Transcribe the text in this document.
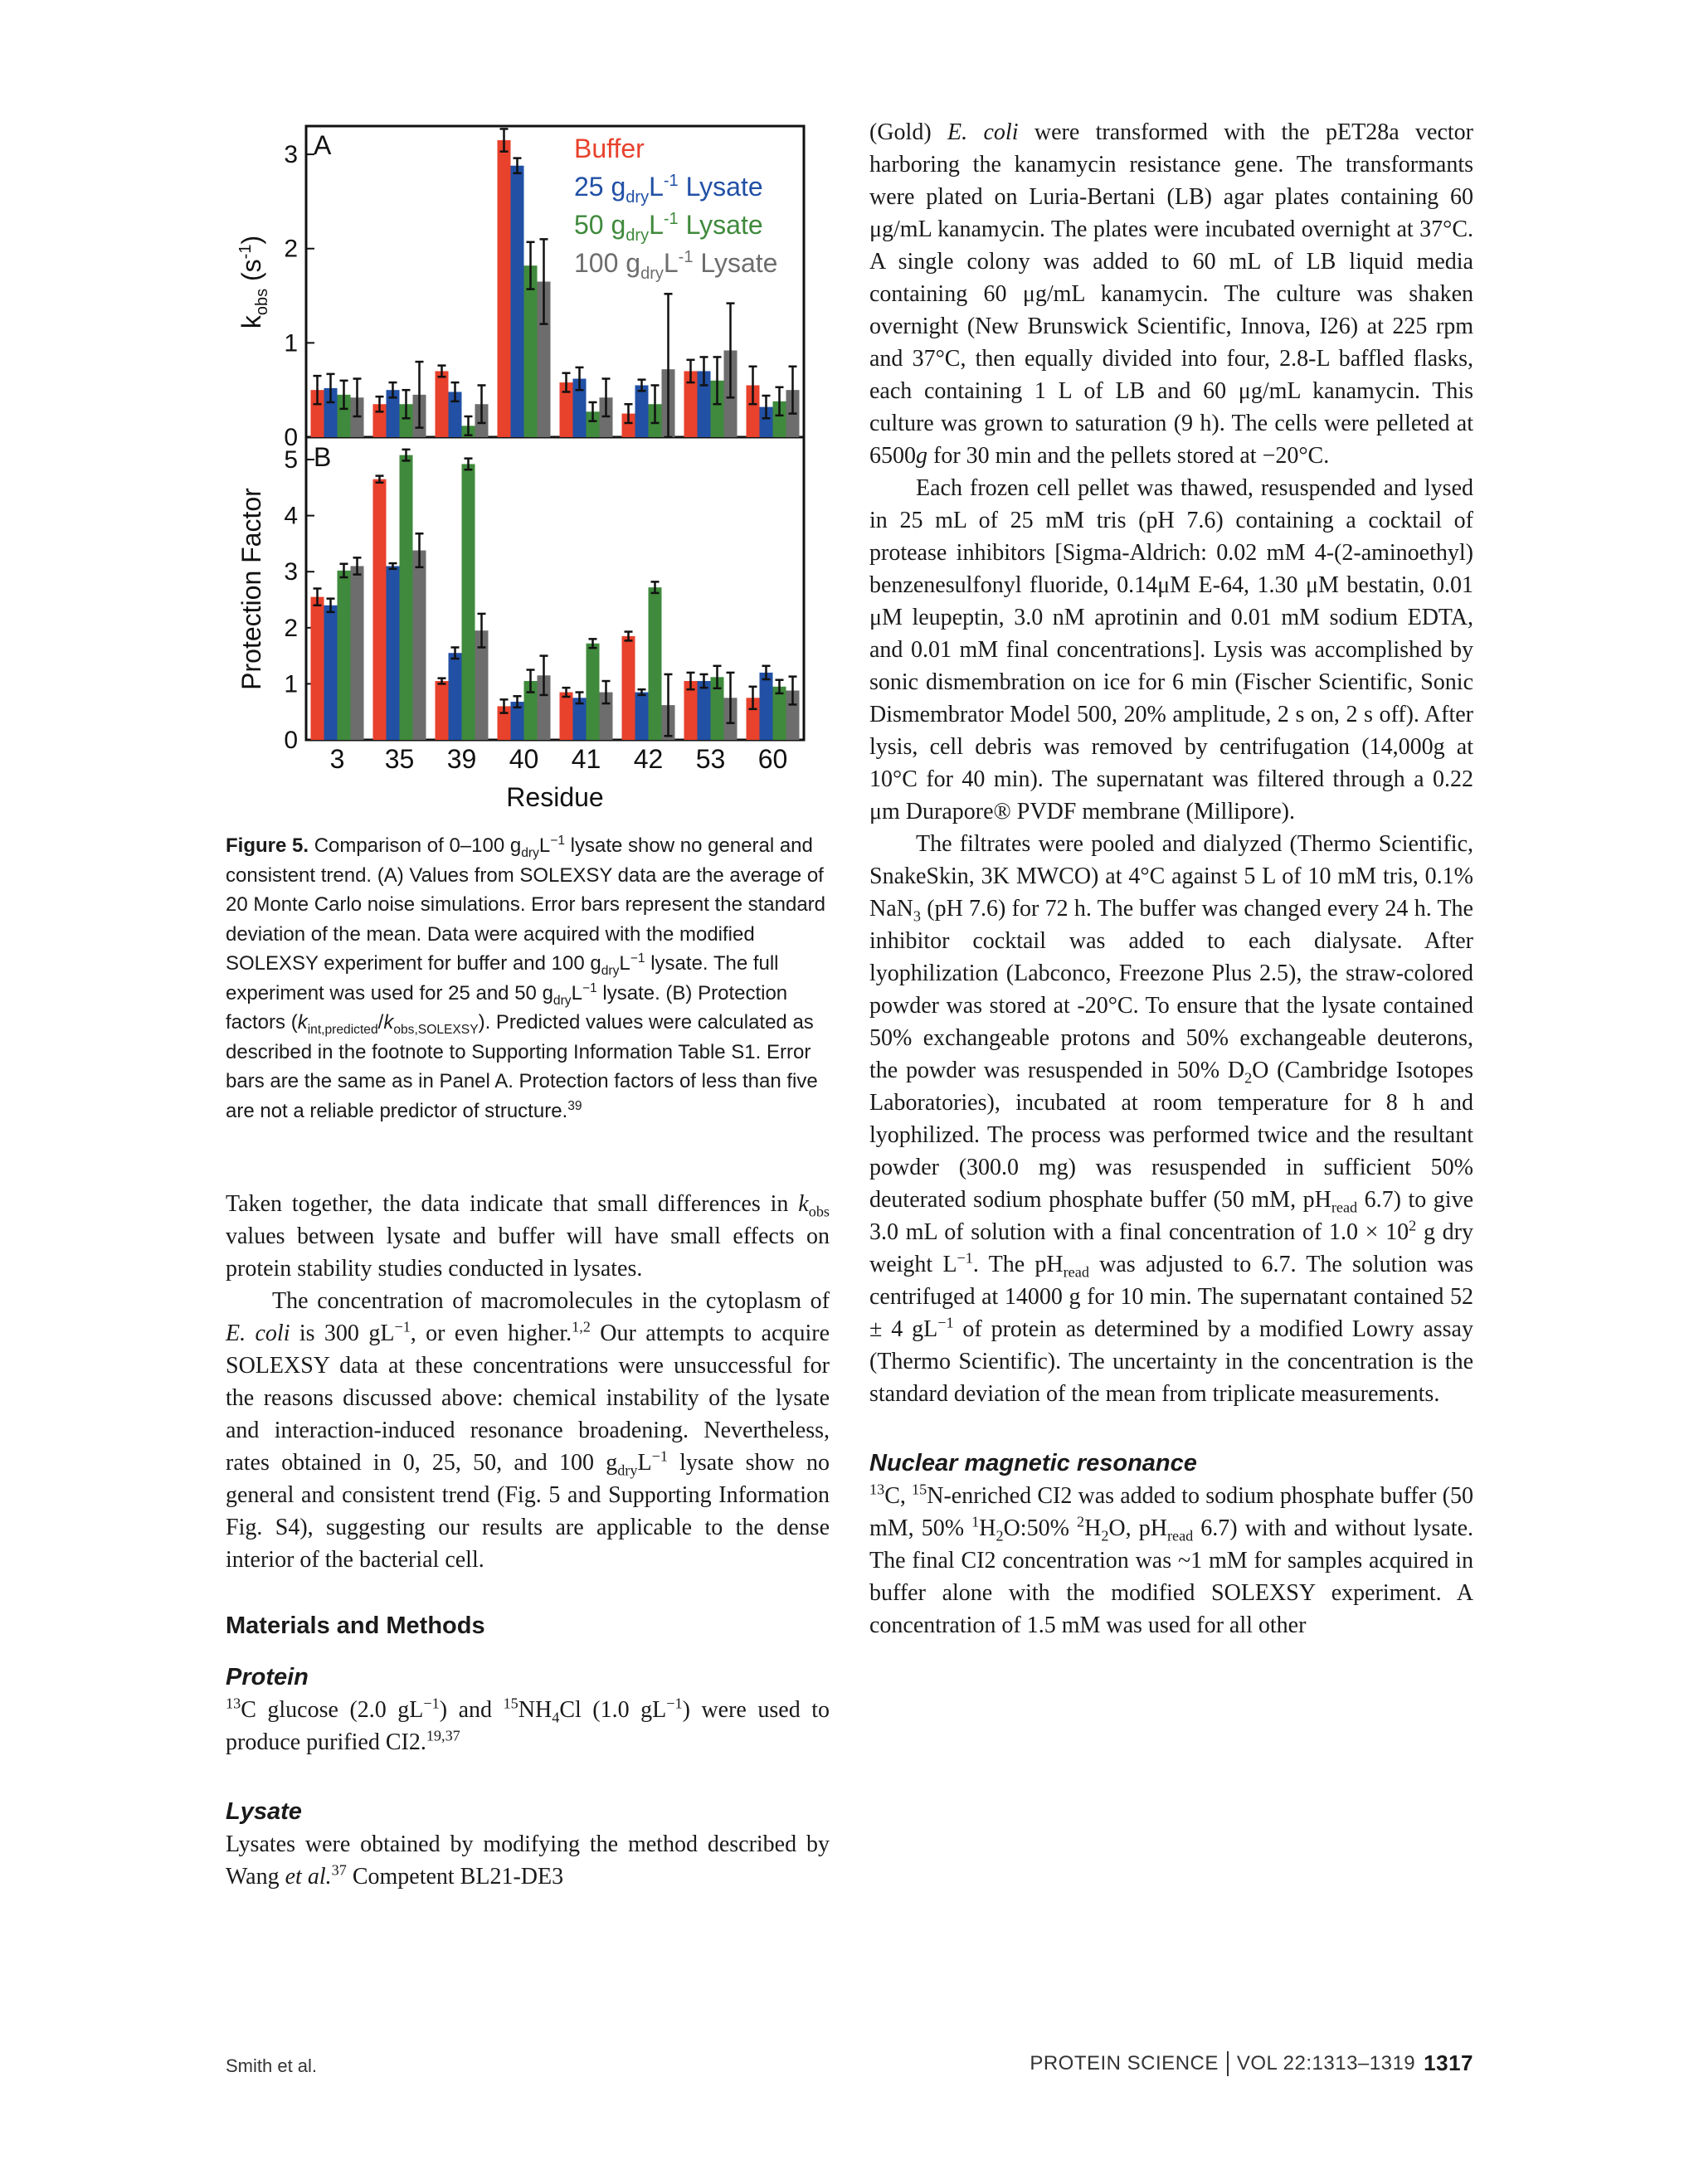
A
B
$k_{obs}$ $(s^{-1})$
Protection Factor
Residue
Buffer
25 $g_{dry}L^{-1}$ Lysate
50 $g_{dry}L^{-1}$ Lysate
100 $g_{dry}L^{-1}$ Lysate
0
1
2
3
0
1
2
3
4
5
3 35 39 40 41 42 53 60
Figure 5. Comparison of 0–100 $g_{dry}L^{-1}$ lysate show no general and consistent trend. (A) Values from SOLEXSY data are the average of 20 Monte Carlo noise simulations. Error bars represent the standard deviation of the mean. Data were acquired with the modified SOLEXSY experiment for buffer and 100 $g_{dry}L^{-1}$ lysate. The full experiment was used for 25 and 50 $g_{dry}L^{-1}$ lysate. (B) Protection factors $(k_{int,predicted}/k_{obs,SOLEXSY})$. Predicted values were calculated as described in the footnote to Supporting Information Table S1. Error bars are the same as in Panel A. Protection factors of less than five are not a reliable predictor of structure.$^{39}$

Taken together, the data indicate that small differences in $k_{obs}$ values between lysate and buffer will have small effects on protein stability studies conducted in lysates.

The concentration of macromolecules in the cytoplasm of E. coli is 300 $gL^{-1}$, or even higher.$^{1,2}$ Our attempts to acquire SOLEXSY data at these concentrations were unsuccessful for the reasons discussed above: chemical instability of the lysate and interaction-induced resonance broadening. Nevertheless, rates obtained in 0, 25, 50, and 100 $g_{dry}L^{-1}$ lysate show no general and consistent trend (Fig. 5 and Supporting Information Fig. S4), suggesting our results are applicable to the dense interior of the bacterial cell.

Materials and Methods
Protein

$^{13}$C glucose (2.0 $gL^{-1}$) and $^{15}NH_4Cl$ (1.0 $gL^{-1}$) were used to produce purified CI2.$^{19,37}$

Lysate

Lysates were obtained by modifying the method described by Wang et al.$^{37}$ Competent BL21-DE3

(Gold) E. coli were transformed with the pET28a vector harboring the kanamycin resistance gene. The transformants were plated on Luria-Bertani (LB) agar plates containing 60 μg/mL kanamycin. The plates were incubated overnight at 37°C. A single colony was added to 60 mL of LB liquid media containing 60 μg/mL kanamycin. The culture was shaken overnight (New Brunswick Scientific, Innova, I26) at 225 rpm and 37°C, then equally divided into four, 2.8-L baffled flasks, each containing 1 L of LB and 60 μg/mL kanamycin. This culture was grown to saturation (9 h). The cells were pelleted at 6500g for 30 min and the pellets stored at −20°C.

Each frozen cell pellet was thawed, resuspended and lysed in 25 mL of 25 mM tris (pH 7.6) containing a cocktail of protease inhibitors [Sigma-Aldrich: 0.02 mM 4-(2-aminoethyl) benzenesulfonyl fluoride, 0.14μM E-64, 1.30 μM bestatin, 0.01 μM leupeptin, 3.0 nM aprotinin and 0.01 mM sodium EDTA, and 0.01 mM final concentrations]. Lysis was accomplished by sonic dismembration on ice for 6 min (Fischer Scientific, Sonic Dismembrator Model 500, 20% amplitude, 2 s on, 2 s off). After lysis, cell debris was removed by centrifugation (14,000g at 10°C for 40 min). The supernatant was filtered through a 0.22 μm Durapore® PVDF membrane (Millipore).

The filtrates were pooled and dialyzed (Thermo Scientific, SnakeSkin, 3K MWCO) at 4°C against 5 L of 10 mM tris, 0.1% NaN$_3$ (pH 7.6) for 72 h. The buffer was changed every 24 h. The inhibitor cocktail was added to each dialysate. After lyophilization (Labconco, Freezone Plus 2.5), the straw-colored powder was stored at -20°C. To ensure that the lysate contained 50% exchangeable protons and 50% exchangeable deuterons, the powder was resuspended in 50% $D_2O$ (Cambridge Isotopes Laboratories), incubated at room temperature for 8 h and lyophilized. The process was performed twice and the resultant powder (300.0 mg) was resuspended in sufficient 50% deuterated sodium phosphate buffer (50 mM, $pH_{read}$ 6.7) to give 3.0 mL of solution with a final concentration of $1.0 \times 10^2$ g dry weight $L^{-1}$. The $pH_{read}$ was adjusted to 6.7. The solution was centrifuged at 14000 g for 10 min. The supernatant contained 52 ± 4 $gL^{-1}$ of protein as determined by a modified Lowry assay (Thermo Scientific). The uncertainty in the concentration is the standard deviation of the mean from triplicate measurements.

Nuclear magnetic resonance

$^{13}$C, $^{15}$N-enriched CI2 was added to sodium phosphate buffer (50 mM, 50% $^1H_2O:50\%$ $^2H_2O$, $pH_{read}$ 6.7) with and without lysate. The final CI2 concentration was ~1 mM for samples acquired in buffer alone with the modified SOLEXSY experiment. A concentration of 1.5 mM was used for all other

Smith et al.	PROTEIN SCIENCE VOL 22:1313–1319 1317
